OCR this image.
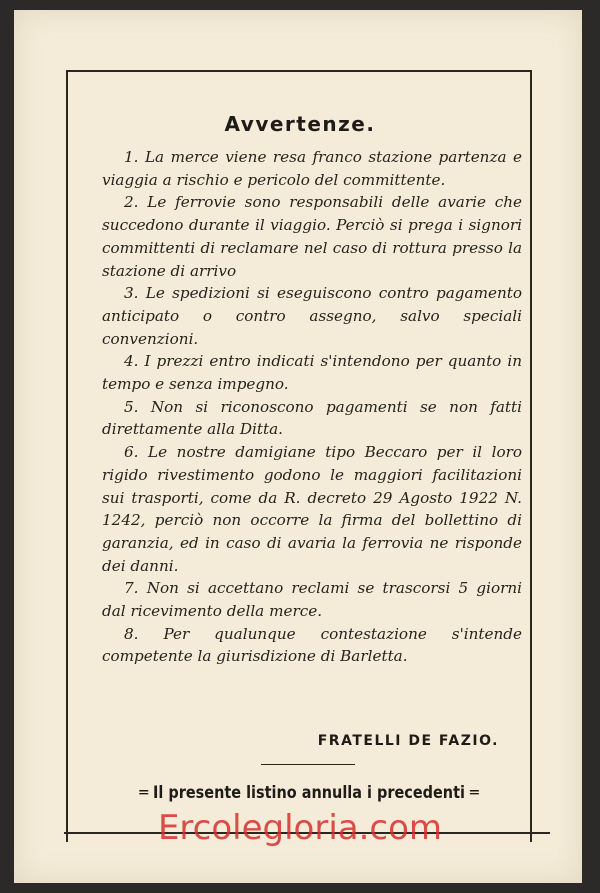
Avvertenze.

1. La merce viene resa franco stazione partenza e viaggia a rischio e pericolo del committente.

2. Le ferrovie sono responsabili delle avarie che succedono durante il viaggio. Perciò si prega i signori committenti di reclamare nel caso di rottura presso la stazione di arrivo

3. Le spedizioni si eseguiscono contro pagamento anticipato o contro assegno, salvo speciali convenzioni.

4. I prezzi entro indicati s'intendono per quanto in tempo e senza impegno.

5. Non si riconoscono pagamenti se non fatti direttamente alla Ditta.

6. Le nostre damigiane tipo Beccaro per il loro rigido rivestimento godono le maggiori facilitazioni sui trasporti, come da R. decreto 29 Agosto 1922 N. 1242, perciò non occorre la firma del bollettino di garanzia, ed in caso di avaria la ferrovia ne risponde dei danni.

7. Non si accettano reclami se trascorsi 5 giorni dal ricevimento della merce.

8. Per qualunque contestazione s'intende competente la giurisdizione di Barletta.

FRATELLI DE FAZIO.
═ Il presente listino annulla i precedenti ═
Ercolegloria.com
